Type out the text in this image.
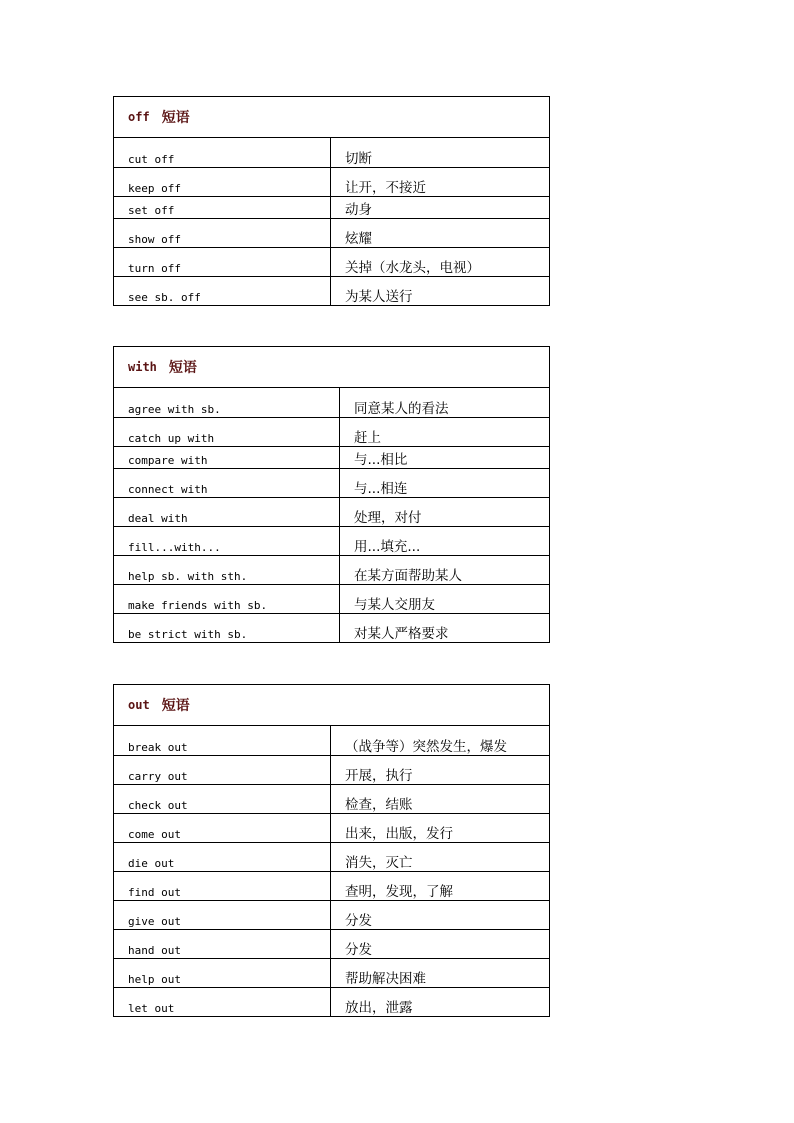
off 短语
cut off	切断
keep off	让开，不接近
set off	动身
show off	炫耀
turn off	关掉（水龙头，电视）
see sb. off	为某人送行
with 短语
agree with sb.	同意某人的看法
catch up with	赶上
compare with	与...相比
connect with	与...相连
deal with	处理，对付
fill...with...	用...填充...
help sb. with sth.	在某方面帮助某人
make friends with sb.	与某人交朋友
be strict with sb.	对某人严格要求
out 短语
break out	（战争等）突然发生，爆发
carry out	开展，执行
check out	检查，结账
come out	出来，出版，发行
die out	消失，灭亡
find out	查明，发现，了解
give out	分发
hand out	分发
help out	帮助解决困难
let out	放出，泄露
